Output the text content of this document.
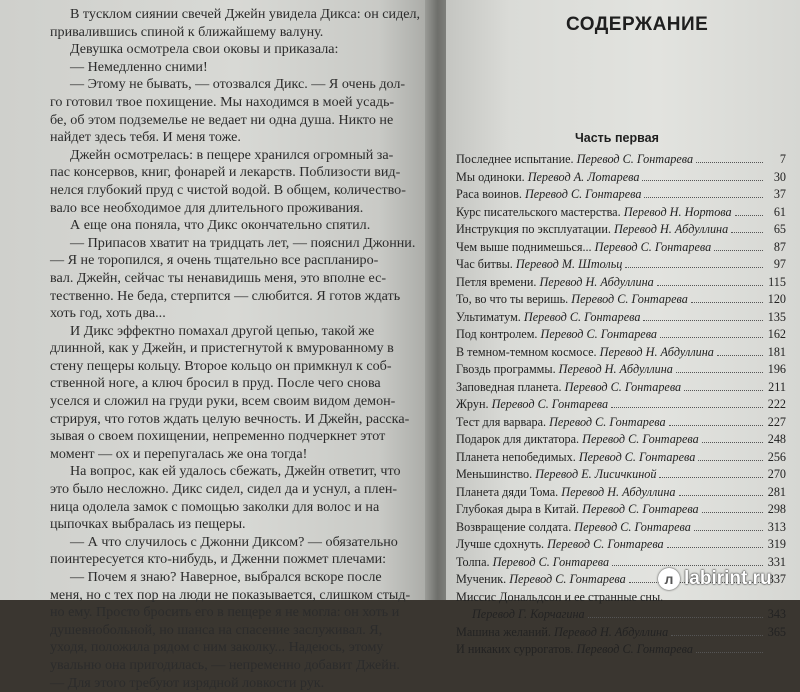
В тусклом сиянии свечей Джейн увидела Дикса: он сидел,
привалившись спиной к ближайшему валуну.
Девушка осмотрела свои оковы и приказала:
— Немедленно сними!
— Этому не бывать, — отозвался Дикс. — Я очень дол-
го готовил твое похищение. Мы находимся в моей усадь-
бе, об этом подземелье не ведает ни одна душа. Никто не
найдет здесь тебя. И меня тоже.
Джейн осмотрелась: в пещере хранился огромный за-
пас консервов, книг, фонарей и лекарств. Поблизости вид-
нелся глубокий пруд с чистой водой. В общем, количество-
вало все необходимое для длительного проживания.
А еще она поняла, что Дикс окончательно спятил.
— Припасов хватит на тридцать лет, — пояснил Джонни.
— Я не торопился, я очень тщательно все распланиро-
вал. Джейн, сейчас ты ненавидишь меня, это вполне ес-
тественно. Не беда, стерпится — слюбится. Я готов ждать
хоть год, хоть два...
И Дикс эффектно помахал другой цепью, такой же
длинной, как у Джейн, и пристегнутой к вмурованному в
стену пещеры кольцу. Второе кольцо он примкнул к соб-
ственной ноге, а ключ бросил в пруд. После чего снова
уселся и сложил на груди руки, всем своим видом демон-
стрируя, что готов ждать целую вечность. И Джейн, расска-
зывая о своем похищении, непременно подчеркнет этот
момент — ох и перепугалась же она тогда!
На вопрос, как ей удалось сбежать, Джейн ответит, что
это было несложно. Дикс сидел, сидел да и уснул, а плен-
ница одолела замок с помощью заколки для волос и на
цыпочках выбралась из пещеры.
— А что случилось с Джонни Диксом? — обязательно
поинтересуется кто-нибудь, и Дженни пожмет плечами:
— Почем я знаю? Наверное, выбрался вскоре после
меня, но с тех пор на люди не показывается, слишком стыд-
но ему. Просто бросить его в пещере я не могла: он хоть и
душевнобольной, но шанса на спасение заслуживал. Я,
уходя, положила рядом с ним заколку... Надеюсь, этому
увальню она пригодилась, — непременно добавит Джейн.
— Для этого требуют изрядной ловкости рук.
СОДЕРЖАНИЕ
Часть первая
Последнее испытание. Перевод С. Гонтарева	7
Мы одиноки. Перевод А. Лотарева	30
Раса воинов. Перевод С. Гонтарева	37
Курс писательского мастерства. Перевод Н. Нортова	61
Инструкция по эксплуатации. Перевод Н. Абдуллина	65
Чем выше поднимешься... Перевод С. Гонтарева	87
Час битвы. Перевод М. Штольц	97
Петля времени. Перевод Н. Абдуллина	115
То, во что ты веришь. Перевод С. Гонтарева	120
Ультиматум. Перевод С. Гонтарева	135
Под контролем. Перевод С. Гонтарева	162
В темном-темном космосе. Перевод Н. Абдуллина	181
Гвоздь программы. Перевод Н. Абдуллина	196
Заповедная планета. Перевод С. Гонтарева	211
Жрун. Перевод С. Гонтарева	222
Тест для варвара. Перевод С. Гонтарева	227
Подарок для диктатора. Перевод С. Гонтарева	248
Планета непобедимых. Перевод С. Гонтарева	256
Меньшинство. Перевод Е. Лисичкиной	270
Планета дяди Тома. Перевод Н. Абдуллина	281
Глубокая дыра в Китай. Перевод С. Гонтарева	298
Возвращение солдата. Перевод С. Гонтарева	313
Лучше сдохнуть. Перевод С. Гонтарева	319
Толпа. Перевод С. Гонтарева	331
Мученик. Перевод С. Гонтарева	337
Миссис Дональдсон и ее странные сны.
Перевод Г. Корчагина	343
Машина желаний. Перевод Н. Абдуллина	365
И никаких суррогатов. Перевод С. Гонтарева
л labirint.ru
